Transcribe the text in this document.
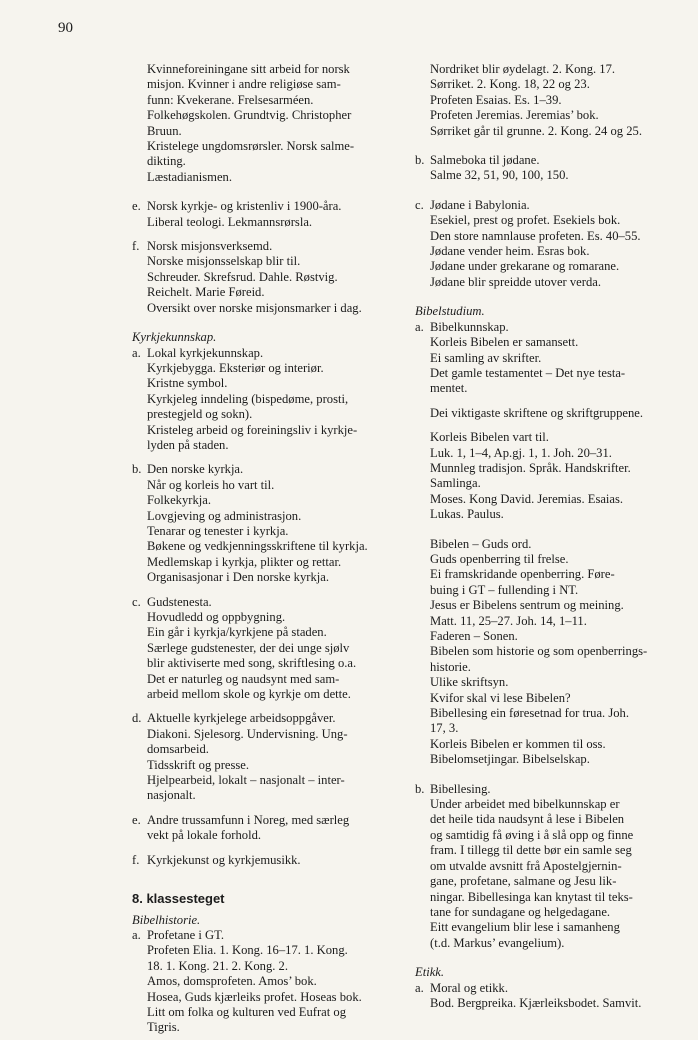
90
Kvinneforeiningane sitt arbeid for norsk
misjon. Kvinner i andre religiøse sam-
funn: Kvekerane. Frelsesarméen.
Folkehøgskolen. Grundtvig. Christopher
Bruun.
Kristelege ungdomsrørsler. Norsk salme-
dikting.
Læstadianismen.
e. Norsk kyrkje- og kristenliv i 1900-åra.
Liberal teologi. Lekmannsrørsla.
f. Norsk misjonsverksemd.
Norske misjonsselskap blir til.
Schreuder. Skrefsrud. Dahle. Røstvig.
Reichelt. Marie Føreid.
Oversikt over norske misjonsmarker i dag.
Kyrkjekunnskap.
a. Lokal kyrkjekunnskap.
Kyrkjebygga. Eksteriør og interiør.
Kristne symbol.
Kyrkjeleg inndeling (bispedøme, prosti,
prestegjeld og sokn).
Kristeleg arbeid og foreiningsliv i kyrkje-
lyden på staden.
b. Den norske kyrkja.
Når og korleis ho vart til.
Folkekyrkja.
Lovgjeving og administrasjon.
Tenarar og tenester i kyrkja.
Bøkene og vedkjenningsskriftene til kyrkja.
Medlemskap i kyrkja, plikter og rettar.
Organisasjonar i Den norske kyrkja.
c. Gudstenesta.
Hovudledd og oppbygning.
Ein går i kyrkja/kyrkjene på staden.
Særlege gudstenester, der dei unge sjølv
blir aktiviserte med song, skriftlesing o.a.
Det er naturleg og naudsynt med sam-
arbeid mellom skole og kyrkje om dette.
d. Aktuelle kyrkjelege arbeidsoppgåver.
Diakoni. Sjelesorg. Undervisning. Ung-
domsarbeid.
Tidsskrift og presse.
Hjelpearbeid, lokalt – nasjonalt – inter-
nasjonalt.
e. Andre trussamfunn i Noreg, med særleg
vekt på lokale forhold.
f. Kyrkjekunst og kyrkjemusikk.
8. klassesteget
Bibelhistorie.
a. Profetane i GT.
Profeten Elia. 1. Kong. 16–17. 1. Kong.
18. 1. Kong. 21. 2. Kong. 2.
Amos, domsprofeten. Amos’ bok.
Hosea, Guds kjærleiks profet. Hoseas bok.
Litt om folka og kulturen ved Eufrat og
Tigris.
Nordriket blir øydelagt. 2. Kong. 17.
Sørriket. 2. Kong. 18, 22 og 23.
Profeten Esaias. Es. 1–39.
Profeten Jeremias. Jeremias’ bok.
Sørriket går til grunne. 2. Kong. 24 og 25.
b. Salmeboka til jødane.
Salme 32, 51, 90, 100, 150.
c. Jødane i Babylonia.
Esekiel, prest og profet. Esekiels bok.
Den store namnlause profeten. Es. 40–55.
Jødane vender heim. Esras bok.
Jødane under grekarane og romarane.
Jødane blir spreidde utover verda.
Bibelstudium.
a. Bibelkunnskap.
Korleis Bibelen er samansett.
Ei samling av skrifter.
Det gamle testamentet – Det nye testa-
mentet.
Dei viktigaste skriftene og skriftgruppene.
Korleis Bibelen vart til.
Luk. 1, 1–4, Ap.gj. 1, 1. Joh. 20–31.
Munnleg tradisjon. Språk. Handskrifter.
Samlinga.
Moses. Kong David. Jeremias. Esaias.
Lukas. Paulus.
Bibelen – Guds ord.
Guds openberring til frelse.
Ei framskridande openberring. Føre-
buing i GT – fullending i NT.
Jesus er Bibelens sentrum og meining.
Matt. 11, 25–27. Joh. 14, 1–11.
Faderen – Sonen.
Bibelen som historie og som openberrings-
historie.
Ulike skriftsyn.
Kvifor skal vi lese Bibelen?
Bibellesing ein føresetnad for trua. Joh.
17, 3.
Korleis Bibelen er kommen til oss.
Bibelomsetjingar. Bibelselskap.
b. Bibellesing.
Under arbeidet med bibelkunnskap er
det heile tida naudsynt å lese i Bibelen
og samtidig få øving i å slå opp og finne
fram. I tillegg til dette bør ein samle seg
om utvalde avsnitt frå Apostelgjernin-
gane, profetane, salmane og Jesu lik-
ningar. Bibellesinga kan knytast til teks-
tane for sundagane og helgedagane.
Eitt evangelium blir lese i samanheng
(t.d. Markus’ evangelium).
Etikk.
a. Moral og etikk.
Bod. Bergpreika. Kjærleiksbodet. Samvit.
